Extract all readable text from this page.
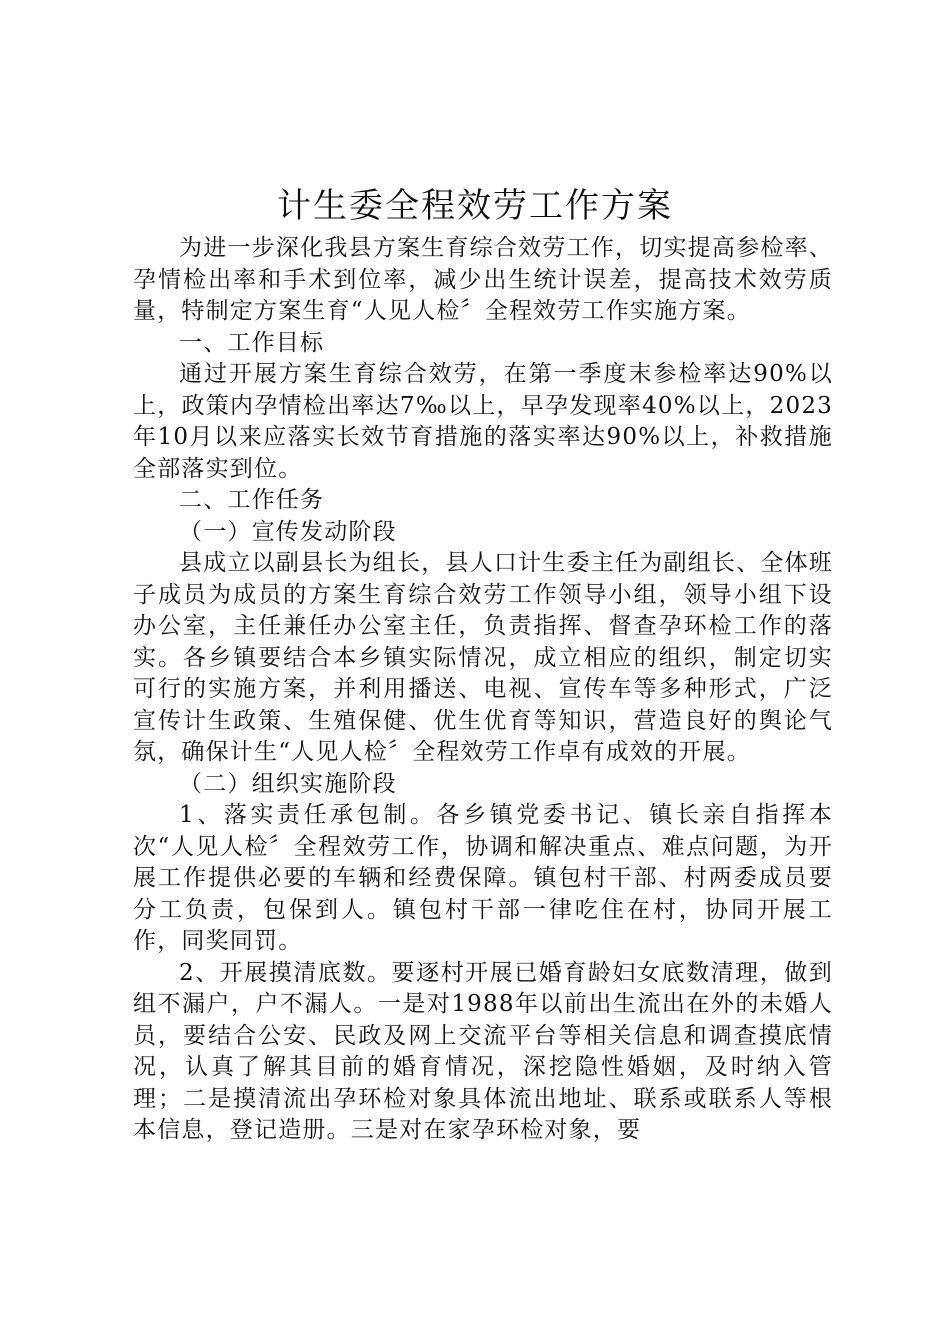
计生委全程效劳工作方案

为进一步深化我县方案生育综合效劳工作，切实提高参检率、孕情检出率和手术到位率，减少出生统计误差，提高技术效劳质量，特制定方案生育“人见人检〞全程效劳工作实施方案。

一、工作目标

通过开展方案生育综合效劳，在第一季度末参检率达90%以上，政策内孕情检出率达7‰以上，早孕发现率40%以上，2023年10月以来应落实长效节育措施的落实率达90%以上，补救措施全部落实到位。

二、工作任务

（一）宣传发动阶段

县成立以副县长为组长，县人口计生委主任为副组长、全体班子成员为成员的方案生育综合效劳工作领导小组，领导小组下设办公室，主任兼任办公室主任，负责指挥、督查孕环检工作的落实。各乡镇要结合本乡镇实际情况，成立相应的组织，制定切实可行的实施方案，并利用播送、电视、宣传车等多种形式，广泛宣传计生政策、生殖保健、优生优育等知识，营造良好的舆论气氛，确保计生“人见人检〞全程效劳工作卓有成效的开展。

（二）组织实施阶段

1、落实责任承包制。各乡镇党委书记、镇长亲自指挥本次“人见人检〞全程效劳工作，协调和解决重点、难点问题，为开展工作提供必要的车辆和经费保障。镇包村干部、村两委成员要分工负责，包保到人。镇包村干部一律吃住在村，协同开展工作，同奖同罚。

2、开展摸清底数。要逐村开展已婚育龄妇女底数清理，做到组不漏户，户不漏人。一是对1988年以前出生流出在外的未婚人员，要结合公安、民政及网上交流平台等相关信息和调查摸底情况，认真了解其目前的婚育情况，深挖隐性婚姻，及时纳入管理；二是摸清流出孕环检对象具体流出地址、联系或联系人等根本信息，登记造册。三是对在家孕环检对象，要
